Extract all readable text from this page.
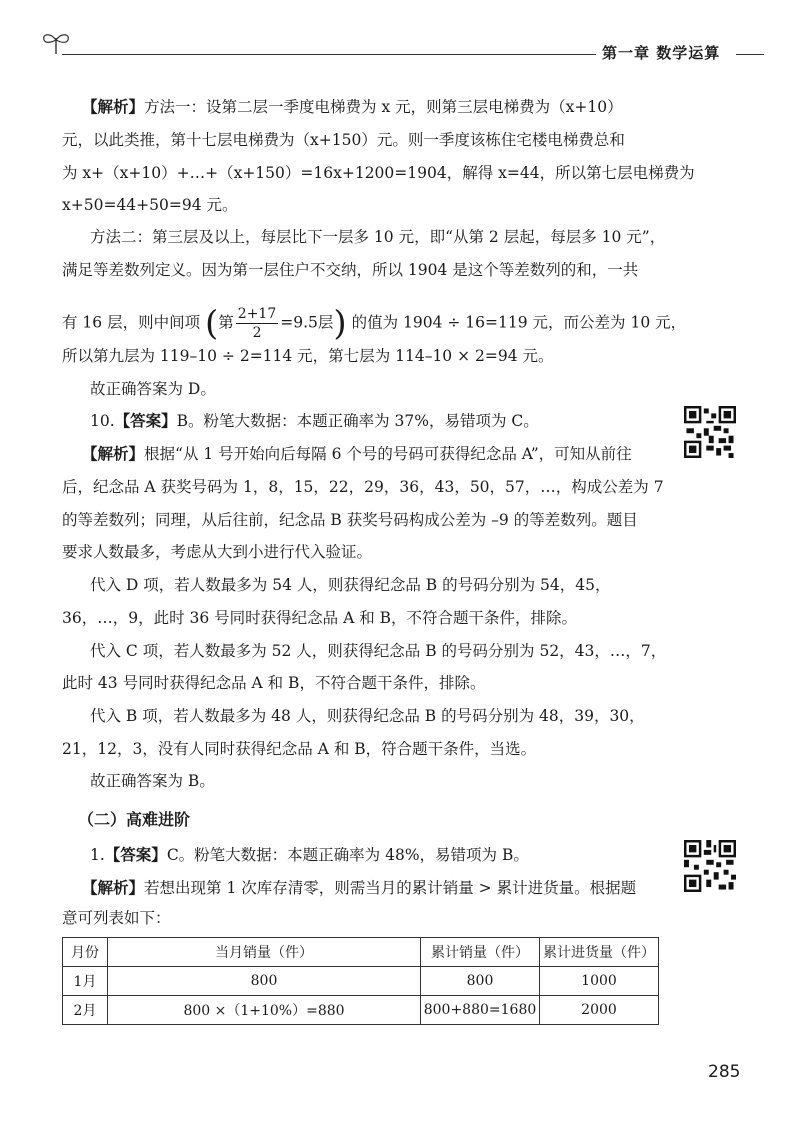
第一章 数学运算
【解析】方法一：设第二层一季度电梯费为 x 元，则第三层电梯费为（x+10）
元，以此类推，第十七层电梯费为（x+150）元。则一季度该栋住宅楼电梯费总和
为 x+（x+10）+…+（x+150）=16x+1200=1904，解得 x=44，所以第七层电梯费为
x+50=44+50=94 元。
方法二：第三层及以上，每层比下一层多 10 元，即“从第 2 层起，每层多 10 元”，
满足等差数列定义。因为第一层住户不交纳，所以 1904 是这个等差数列的和，一共
有 16 层，则中间项 (第 $\frac{2+17}{2} =9.5$层) 的值为 1904 ÷ 16=119 元，而公差为 10 元，
所以第九层为 119–10 ÷ 2=114 元，第七层为 114–10 × 2=94 元。
故正确答案为 D。
10.【答案】B。粉笔大数据：本题正确率为 37%，易错项为 C。
【解析】根据“从 1 号开始向后每隔 6 个号的号码可获得纪念品 A”，可知从前往
后，纪念品 A 获奖号码为 1，8，15，22，29，36，43，50，57，…，构成公差为 7
的等差数列；同理，从后往前，纪念品 B 获奖号码构成公差为 –9 的等差数列。题目
要求人数最多，考虑从大到小进行代入验证。
代入 D 项，若人数最多为 54 人，则获得纪念品 B 的号码分别为 54，45，
36，…，9，此时 36 号同时获得纪念品 A 和 B，不符合题干条件，排除。
代入 C 项，若人数最多为 52 人，则获得纪念品 B 的号码分别为 52，43，…，7，
此时 43 号同时获得纪念品 A 和 B，不符合题干条件，排除。
代入 B 项，若人数最多为 48 人，则获得纪念品 B 的号码分别为 48，39，30，
21，12，3，没有人同时获得纪念品 A 和 B，符合题干条件，当选。
故正确答案为 B。
（二）高难进阶
1.【答案】C。粉笔大数据：本题正确率为 48%，易错项为 B。
【解析】若想出现第 1 次库存清零，则需当月的累计销量 > 累计进货量。根据题
意可列表如下：
月份	当月销量（件）	累计销量（件）	累计进货量（件）
1月	800	800	1000
2月	800 ×（1+10%）=880	800+880=1680	2000
285
